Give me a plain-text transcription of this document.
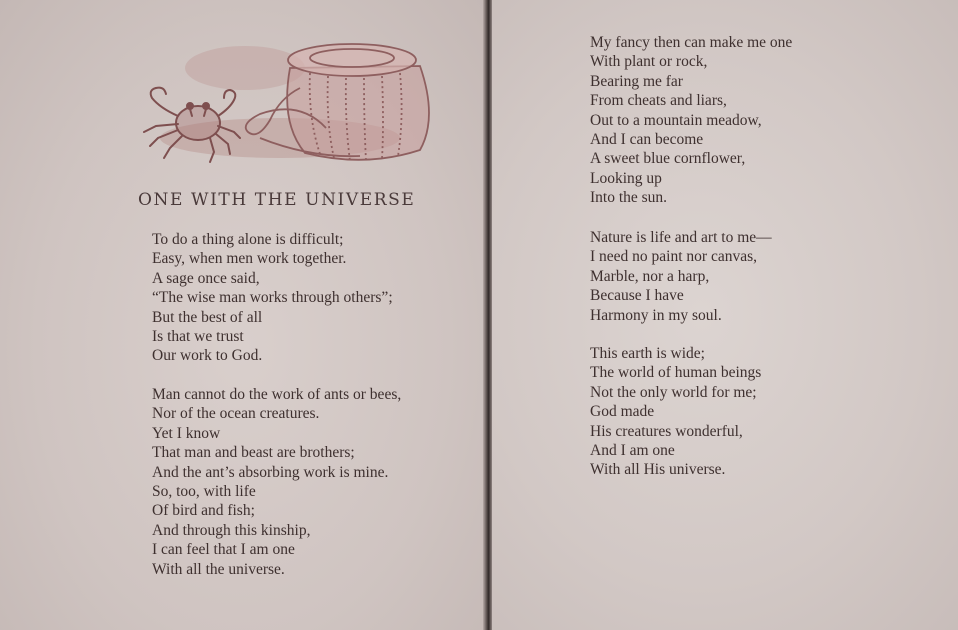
ONE WITH THE UNIVERSE
To do a thing alone is difficult;
Easy, when men work together.
A sage once said,
“The wise man works through others”;
But the best of all
Is that we trust
Our work to God.
Man cannot do the work of ants or bees,
Nor of the ocean creatures.
Yet I know
That man and beast are brothers;
And the ant’s absorbing work is mine.
So, too, with life
Of bird and fish;
And through this kinship,
I can feel that I am one
With all the universe.
My fancy then can make me one
With plant or rock,
Bearing me far
From cheats and liars,
Out to a mountain meadow,
And I can become
A sweet blue cornflower,
Looking up
Into the sun.
Nature is life and art to me—
I need no paint nor canvas,
Marble, nor a harp,
Because I have
Harmony in my soul.
This earth is wide;
The world of human beings
Not the only world for me;
God made
His creatures wonderful,
And I am one
With all His universe.
